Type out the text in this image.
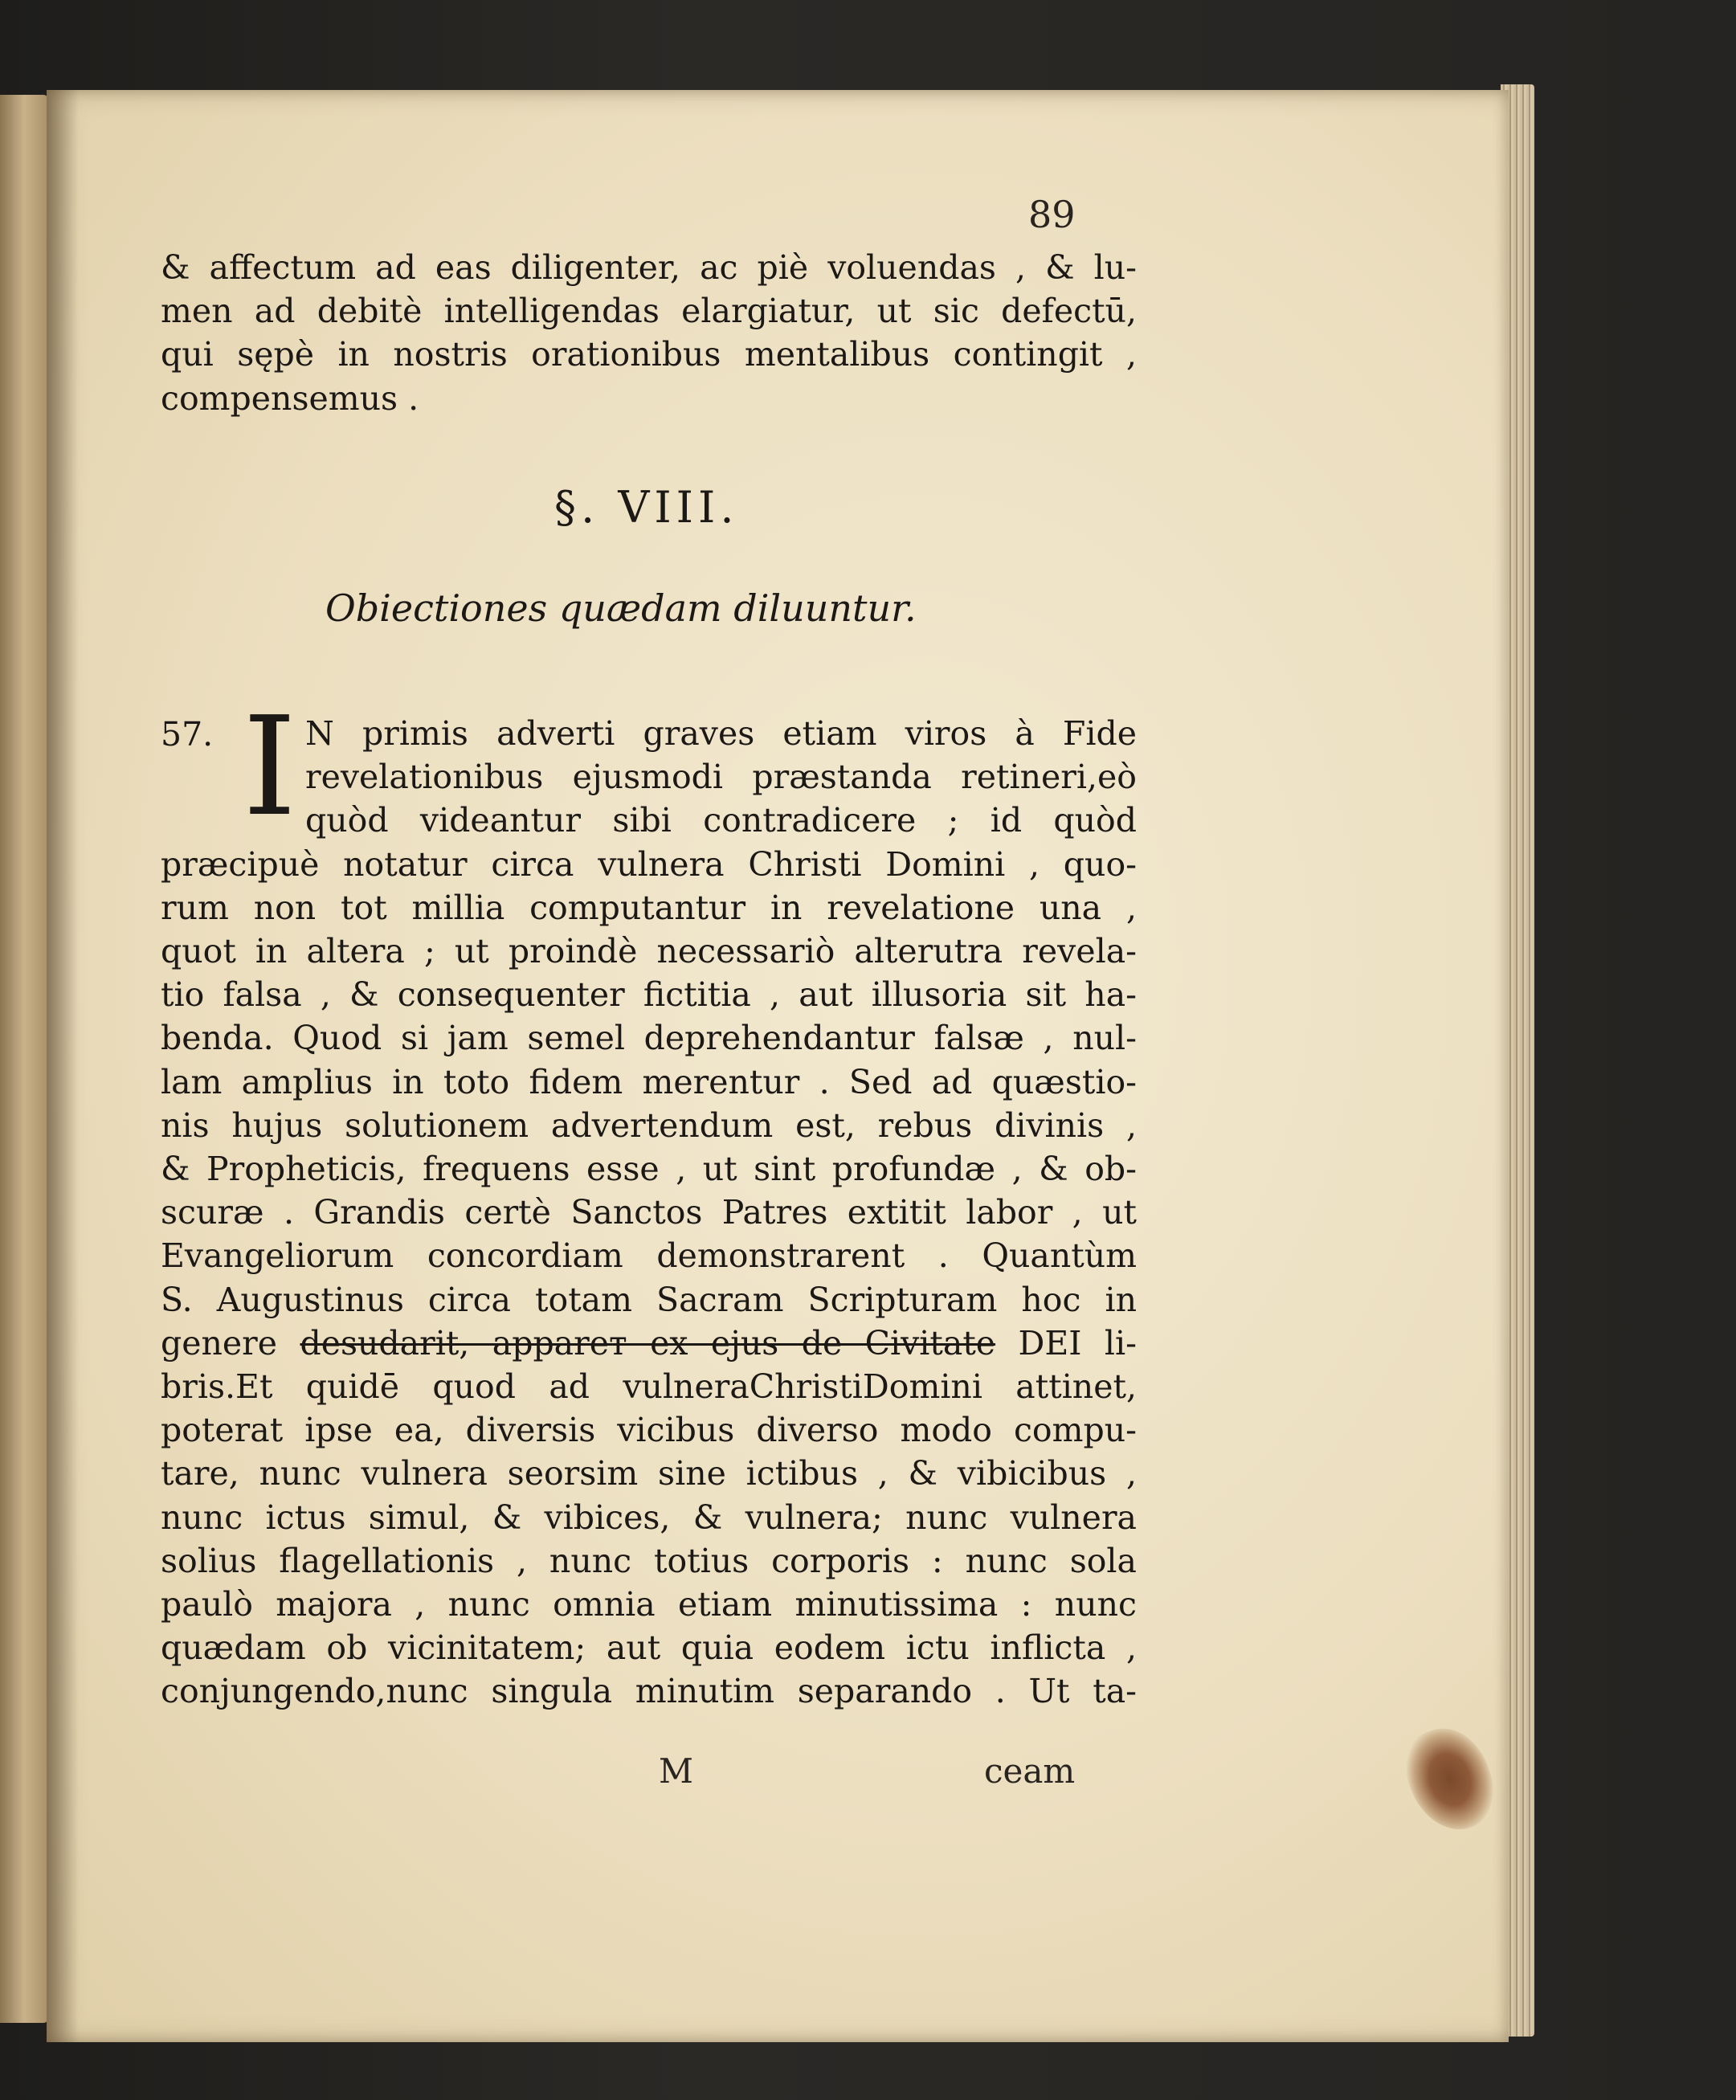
89
& affectum ad eas diligenter, ac piè voluendas , & lu-
men ad debitè intelligendas elargiatur, ut sic defectū,
qui sępè in nostris orationibus mentalibus contingit ,
compensemus .
§. VIII.
Obiectiones quædam diluuntur.
57. I N primis adverti graves etiam viros à Fide
revelationibus ejusmodi præstanda retineri,eò
quòd videantur sibi contradicere ; id quòd
præcipuè notatur circa vulnera Christi Domini , quo-
rum non tot millia computantur in revelatione una ,
quot in altera ; ut proindè necessariò alterutra revela-
tio falsa , & consequenter fictitia , aut illusoria sit ha-
benda. Quod si jam semel deprehendantur falsæ , nul-
lam amplius in toto fidem merentur . Sed ad quæstio-
nis hujus solutionem advertendum est, rebus divinis ,
& Propheticis, frequens esse , ut sint profundæ , & ob-
scuræ . Grandis certè Sanctos Patres extitit labor , ut
Evangeliorum concordiam demonstrarent . Quantùm
S. Augustinus circa totam Sacram Scripturam hoc in
genere desudarit, appareт ex ejus de Civitate DEI li-
bris.Et quidē quod ad vulneraChristiDomini attinet,
poterat ipse ea, diversis vicibus diverso modo compu-
tare, nunc vulnera seorsim sine ictibus , & vibicibus ,
nunc ictus simul, & vibices, & vulnera; nunc vulnera
solius flagellationis , nunc totius corporis : nunc sola
paulò majora , nunc omnia etiam minutissima : nunc
quædam ob vicinitatem; aut quia eodem ictu inflicta ,
conjungendo,nunc singula minutim separando . Ut ta-
M	ceam
